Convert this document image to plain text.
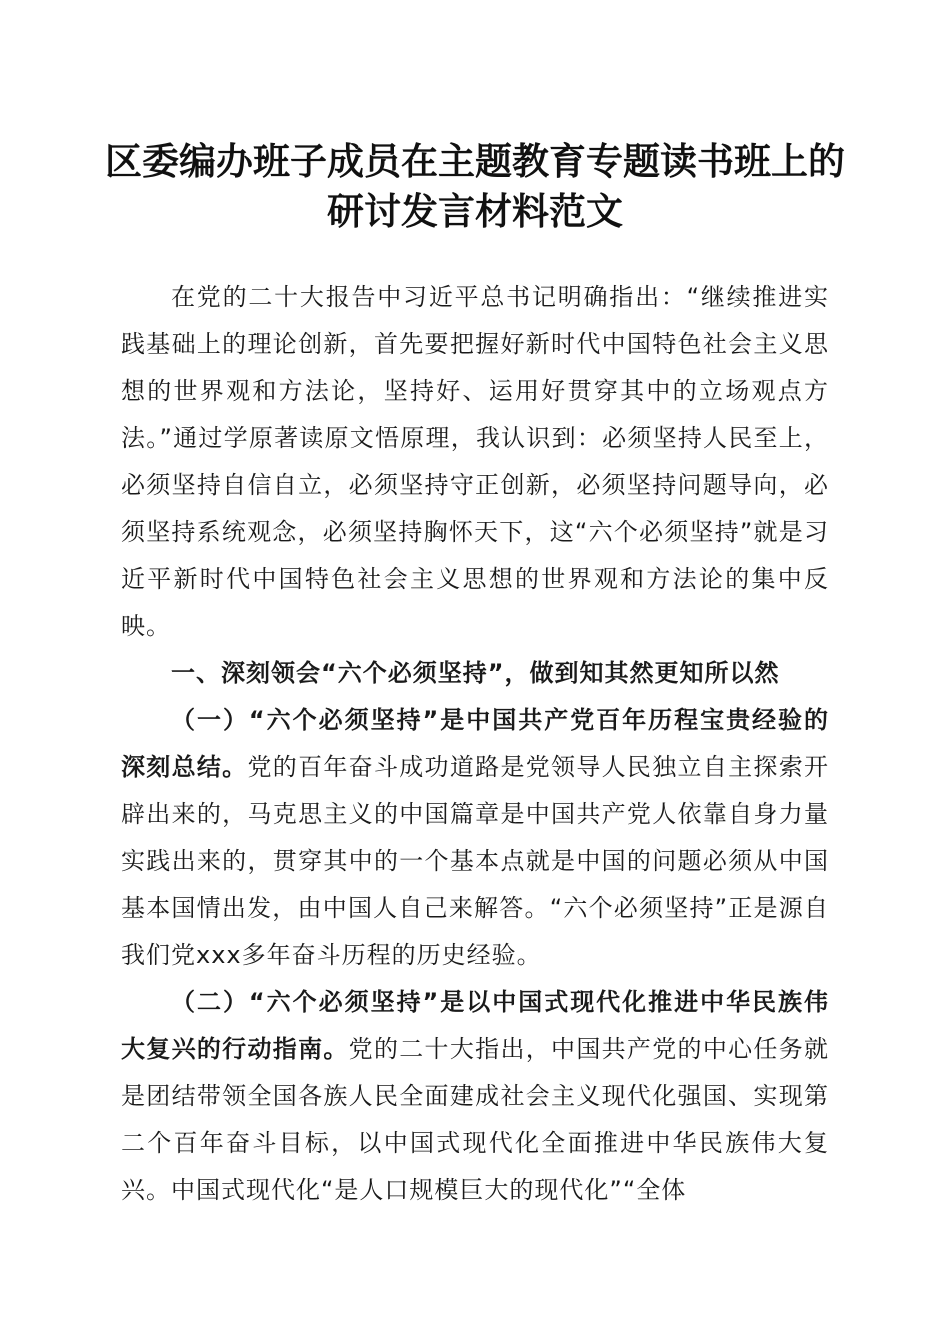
区委编办班子成员在主题教育专题读书班上的
研讨发言材料范文

在党的二十大报告中习近平总书记明确指出：“继续推进实践基础上的理论创新，首先要把握好新时代中国特色社会主义思想的世界观和方法论，坚持好、运用好贯穿其中的立场观点方法。”通过学原著读原文悟原理，我认识到：必须坚持人民至上，必须坚持自信自立，必须坚持守正创新，必须坚持问题导向，必须坚持系统观念，必须坚持胸怀天下，这“六个必须坚持”就是习近平新时代中国特色社会主义思想的世界观和方法论的集中反映。

一、深刻领会“六个必须坚持”，做到知其然更知所以然

（一）“六个必须坚持”是中国共产党百年历程宝贵经验的深刻总结。党的百年奋斗成功道路是党领导人民独立自主探索开辟出来的，马克思主义的中国篇章是中国共产党人依靠自身力量实践出来的，贯穿其中的一个基本点就是中国的问题必须从中国基本国情出发，由中国人自己来解答。“六个必须坚持”正是源自我们党xxx多年奋斗历程的历史经验。

（二）“六个必须坚持”是以中国式现代化推进中华民族伟大复兴的行动指南。党的二十大指出，中国共产党的中心任务就是团结带领全国各族人民全面建成社会主义现代化强国、实现第二个百年奋斗目标，以中国式现代化全面推进中华民族伟大复兴。中国式现代化“是人口规模巨大的现代化”“全体
